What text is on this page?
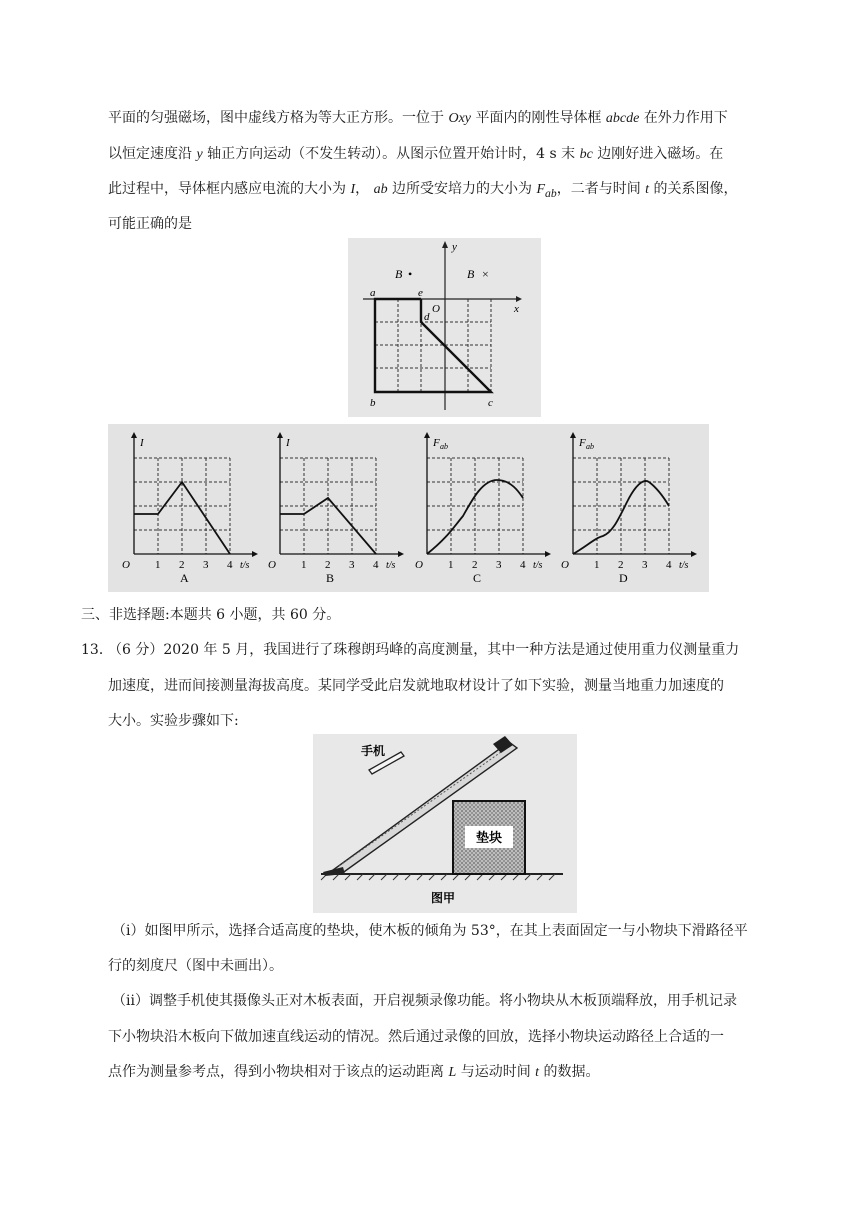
平面的匀强磁场，图中虚线方格为等大正方形。一位于 Oxy 平面内的刚性导体框 abcde 在外力作用下
以恒定速度沿 y 轴正方向运动（不发生转动）。从图示位置开始计时，4 s 末 bc 边刚好进入磁场。在
此过程中，导体框内感应电流的大小为 I， ab 边所受安培力的大小为 $F_{ab}$，二者与时间 t 的关系图像，
可能正确的是
y
x
O
B •	B ×
a	e
d
b	c
I
O 1 2 3 4 t/s
A
I
O 1 2 3 4 t/s
B
F ab
O 1 2 3 4 t/s
C
F ab
O 1 2 3 4 t/s
D
三、非选择题:本题共 6 小题，共 60 分。
13．
（6 分）2020 年 5 月，我国进行了珠穆朗玛峰的高度测量，其中一种方法是通过使用重力仪测量重力
加速度，进而间接测量海拔高度。某同学受此启发就地取材设计了如下实验，测量当地重力加速度的
大小。实验步骤如下:
垫块
手机
图甲
（i）如图甲所示，选择合适高度的垫块，使木板的倾角为 53°，在其上表面固定一与小物块下滑路径平
行的刻度尺（图中未画出）。
（ii）调整手机使其摄像头正对木板表面，开启视频录像功能。将小物块从木板顶端释放，用手机记录
下小物块沿木板向下做加速直线运动的情况。然后通过录像的回放，选择小物块运动路径上合适的一
点作为测量参考点，得到小物块相对于该点的运动距离 L 与运动时间 t 的数据。
